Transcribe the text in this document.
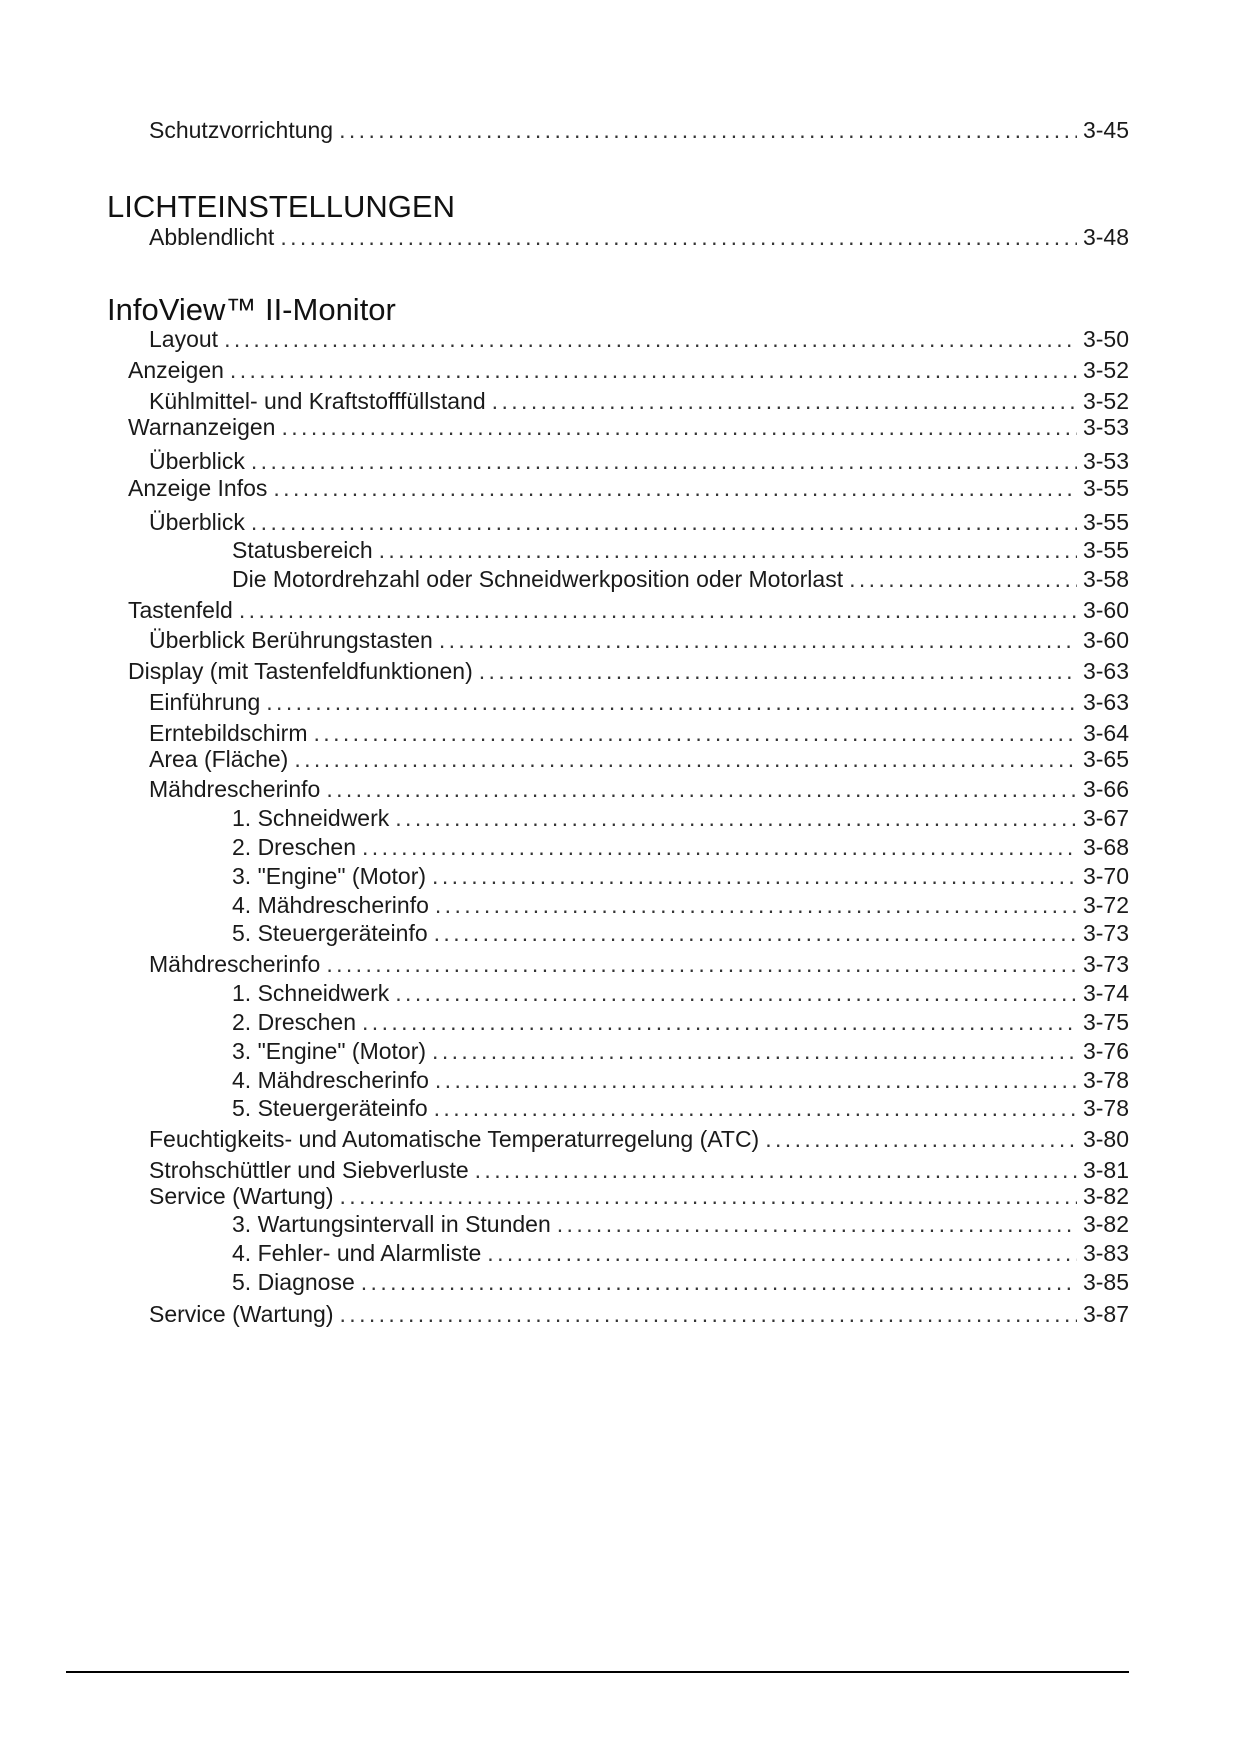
Schutzvorrichtung .....	3-45
LICHTEINSTELLUNGEN
Abblendlicht .....	3-48
InfoView™ II-Monitor
Layout .....	3-50
Anzeigen .....	3-52
Kühlmittel- und Kraftstofffüllstand .....	3-52
Warnanzeigen .....	3-53
Überblick .....	3-53
Anzeige Infos .....	3-55
Überblick .....	3-55
Statusbereich .....	3-55
Die Motordrehzahl oder Schneidwerkposition oder Motorlast .....	3-58
Tastenfeld .....	3-60
Überblick Berührungstasten .....	3-60
Display (mit Tastenfeldfunktionen) .....	3-63
Einführung .....	3-63
Erntebildschirm .....	3-64
Area (Fläche) .....	3-65
Mähdrescherinfo .....	3-66
1. Schneidwerk .....	3-67
2. Dreschen .....	3-68
3. "Engine" (Motor) .....	3-70
4. Mähdrescherinfo .....	3-72
5. Steuergeräteinfo .....	3-73
Mähdrescherinfo .....	3-73
1. Schneidwerk .....	3-74
2. Dreschen .....	3-75
3. "Engine" (Motor) .....	3-76
4. Mähdrescherinfo .....	3-78
5. Steuergeräteinfo .....	3-78
Feuchtigkeits- und Automatische Temperaturregelung (ATC) .....	3-80
Strohschüttler und Siebverluste .....	3-81
Service (Wartung) .....	3-82
3. Wartungsintervall in Stunden .....	3-82
4. Fehler- und Alarmliste .....	3-83
5. Diagnose .....	3-85
Service (Wartung) .....	3-87
